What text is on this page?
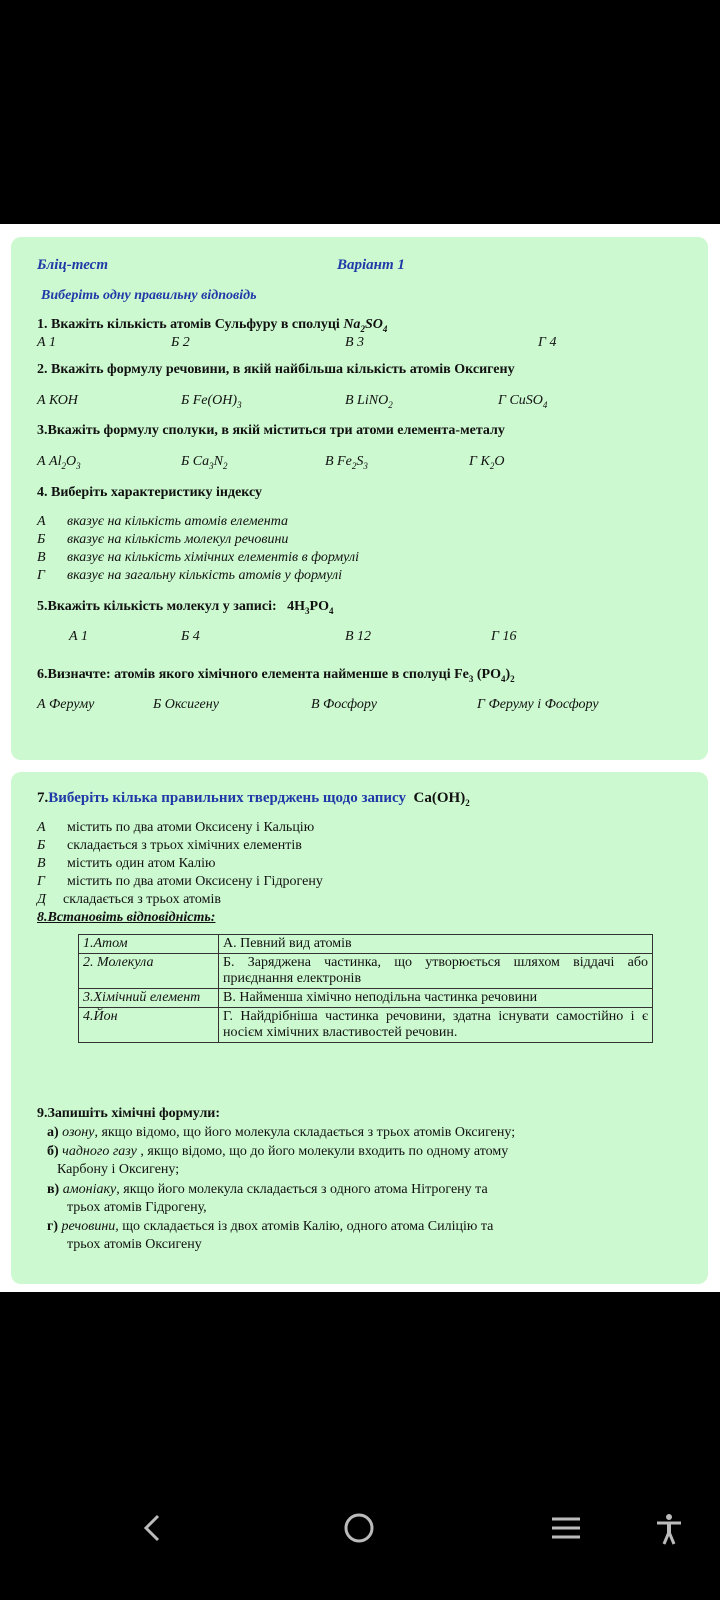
Бліц-тест	Варіант 1
Виберіть одну правильну відповідь
1. Вкажіть кількість атомів Сульфуру в сполуці $Na_2SO_4$
А 1	Б 2	В 3	Г 4
2. Вкажіть формулу речовини, в якій найбільша кількість атомів Оксигену
А КОН	Б $Fe(OH)_3$	В LiNO$_2$	Г CuSO$_4$
3.Вкажіть формулу сполуки, в якій міститься три атоми елемента-металу
А $Al_2O_3$	Б $Ca_3N_2$	В $Fe_2S_3$	Г $K_2O$
4. Виберіть характеристику індексу
А вказує на кількість атомів елемента
Б вказує на кількість молекул речовини
В вказує на кількість хімічних елементів в формулі
Г вказує на загальну кількість атомів у формулі
5.Вкажіть кількість молекул у записі: $4H_3PO_4$
А 1	Б 4	В 12	Г 16
6.Визначте: атомів якого хімічного елемента найменше в сполуці $Fe_3$ $(PO_4)_2$
А Феруму	Б Оксигену	В Фосфору	Г Феруму і Фосфору
7.Виберіть кілька правильних тверджень щодо запису $Ca(OH)_2$
А містить по два атоми Оксисену і Кальцію
Б складається з трьох хімічних елементів
В містить один атом Калію
Г містить по два атоми Оксисену і Гідрогену
Д складається з трьох атомів
8.Встановіть відповідність:
1.Атом	А. Певний вид атомів
2. Молекула	Б. Заряджена частинка, що утворюється шляхом віддачі або приєднання електронів
3.Хімічний елемент	В. Найменша хімічно неподільна частинка речовини
4.Йон	Г. Найдрібніша частинка речовини, здатна існувати самостійно і є носієм хімічних властивостей речовин.
9.Запишіть хімічні формули:
а) озону, якщо відомо, що його молекула складається з трьох атомів Оксигену;
б) чадного газу , якщо відомо, що до його молекули входить по одному атому
Карбону і Оксигену;
в) амоніаку, якщо його молекула складається з одного атома Нітрогену та
трьох атомів Гідрогену,
г) речовини, що складається із двох атомів Калію, одного атома Силіцію та
трьох атомів Оксигену
